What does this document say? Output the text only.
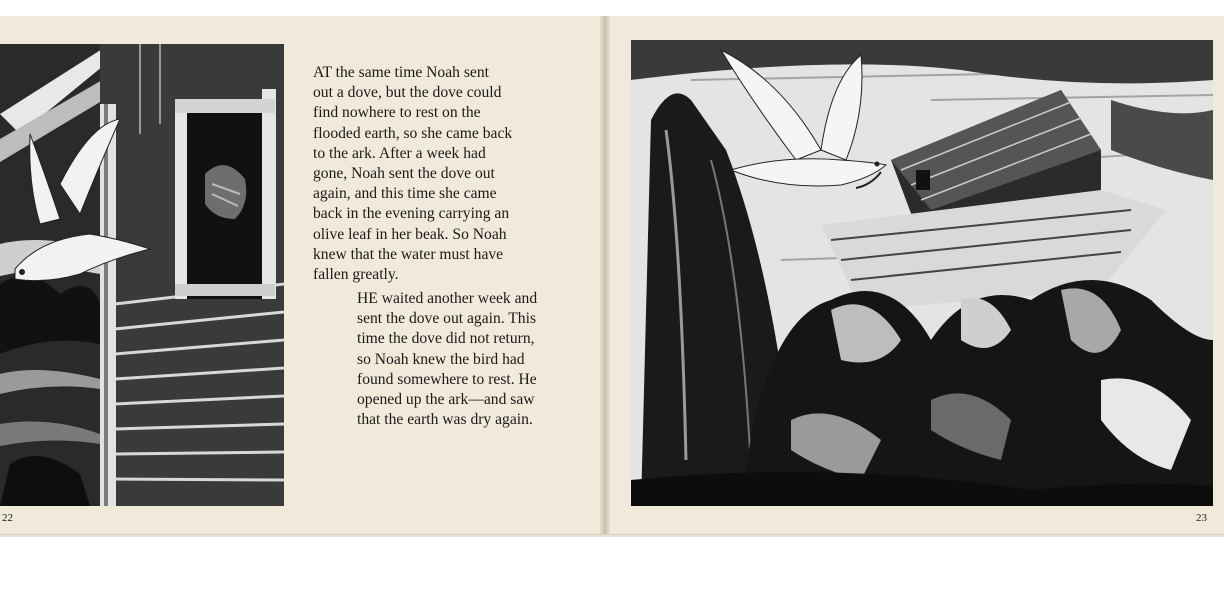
AT the same time Noah sent
out a dove, but the dove could
find nowhere to rest on the
flooded earth, so she came back
to the ark. After a week had
gone, Noah sent the dove out
again, and this time she came
back in the evening carrying an
olive leaf in her beak. So Noah
knew that the water must have
fallen greatly.

HE waited another week and
sent the dove out again. This
time the dove did not return,
so Noah knew the bird had
found somewhere to rest. He
opened up the ark—and saw
that the earth was dry again.

22	23
